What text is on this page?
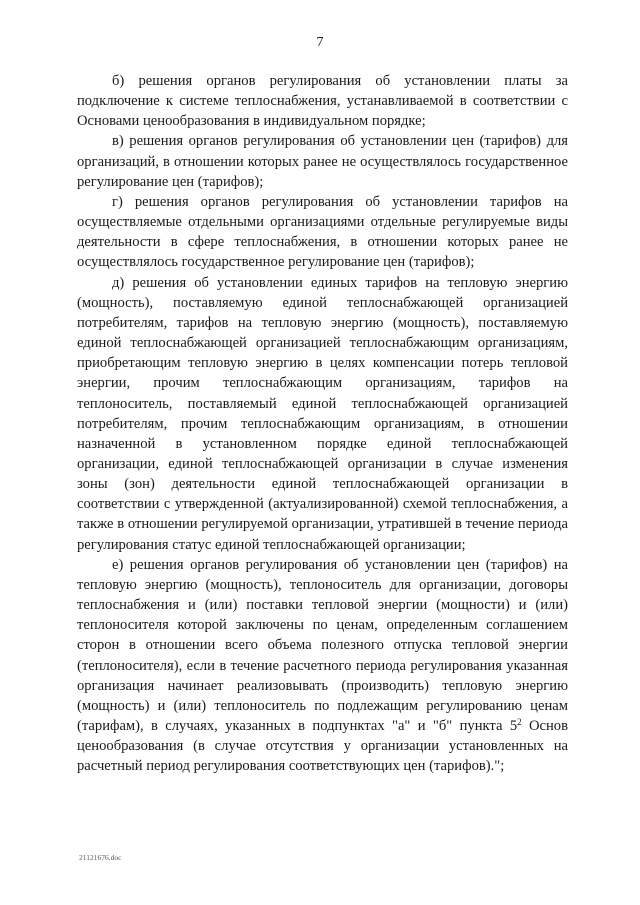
7

б) решения органов регулирования об установлении платы за подключение к системе теплоснабжения, устанавливаемой в соответствии с Основами ценообразования в индивидуальном порядке;

в) решения органов регулирования об установлении цен (тарифов) для организаций, в отношении которых ранее не осуществлялось государственное регулирование цен (тарифов);

г) решения органов регулирования об установлении тарифов на осуществляемые отдельными организациями отдельные регулируемые виды деятельности в сфере теплоснабжения, в отношении которых ранее не осуществлялось государственное регулирование цен (тарифов);

д) решения об установлении единых тарифов на тепловую энергию (мощность), поставляемую единой теплоснабжающей организацией потребителям, тарифов на тепловую энергию (мощность), поставляемую единой теплоснабжающей организацией теплоснабжающим организациям, приобретающим тепловую энергию в целях компенсации потерь тепловой энергии, прочим теплоснабжающим организациям, тарифов на теплоноситель, поставляемый единой теплоснабжающей организацией потребителям, прочим теплоснабжающим организациям, в отношении назначенной в установленном порядке единой теплоснабжающей организации, единой теплоснабжающей организации в случае изменения зоны (зон) деятельности единой теплоснабжающей организации в соответствии с утвержденной (актуализированной) схемой теплоснабжения, а также в отношении регулируемой организации, утратившей в течение периода регулирования статус единой теплоснабжающей организации;

е) решения органов регулирования об установлении цен (тарифов) на тепловую энергию (мощность), теплоноситель для организации, договоры теплоснабжения и (или) поставки тепловой энергии (мощности) и (или) теплоносителя которой заключены по ценам, определенным соглашением сторон в отношении всего объема полезного отпуска тепловой энергии (теплоносителя), если в течение расчетного периода регулирования указанная организация начинает реализовывать (производить) тепловую энергию (мощность) и (или) теплоноситель по подлежащим регулированию ценам (тарифам), в случаях, указанных в подпунктах "а" и "б" пункта $5^2$ Основ ценообразования (в случае отсутствия у организации установленных на расчетный период регулирования соответствующих цен (тарифов).";

21121676.doc
